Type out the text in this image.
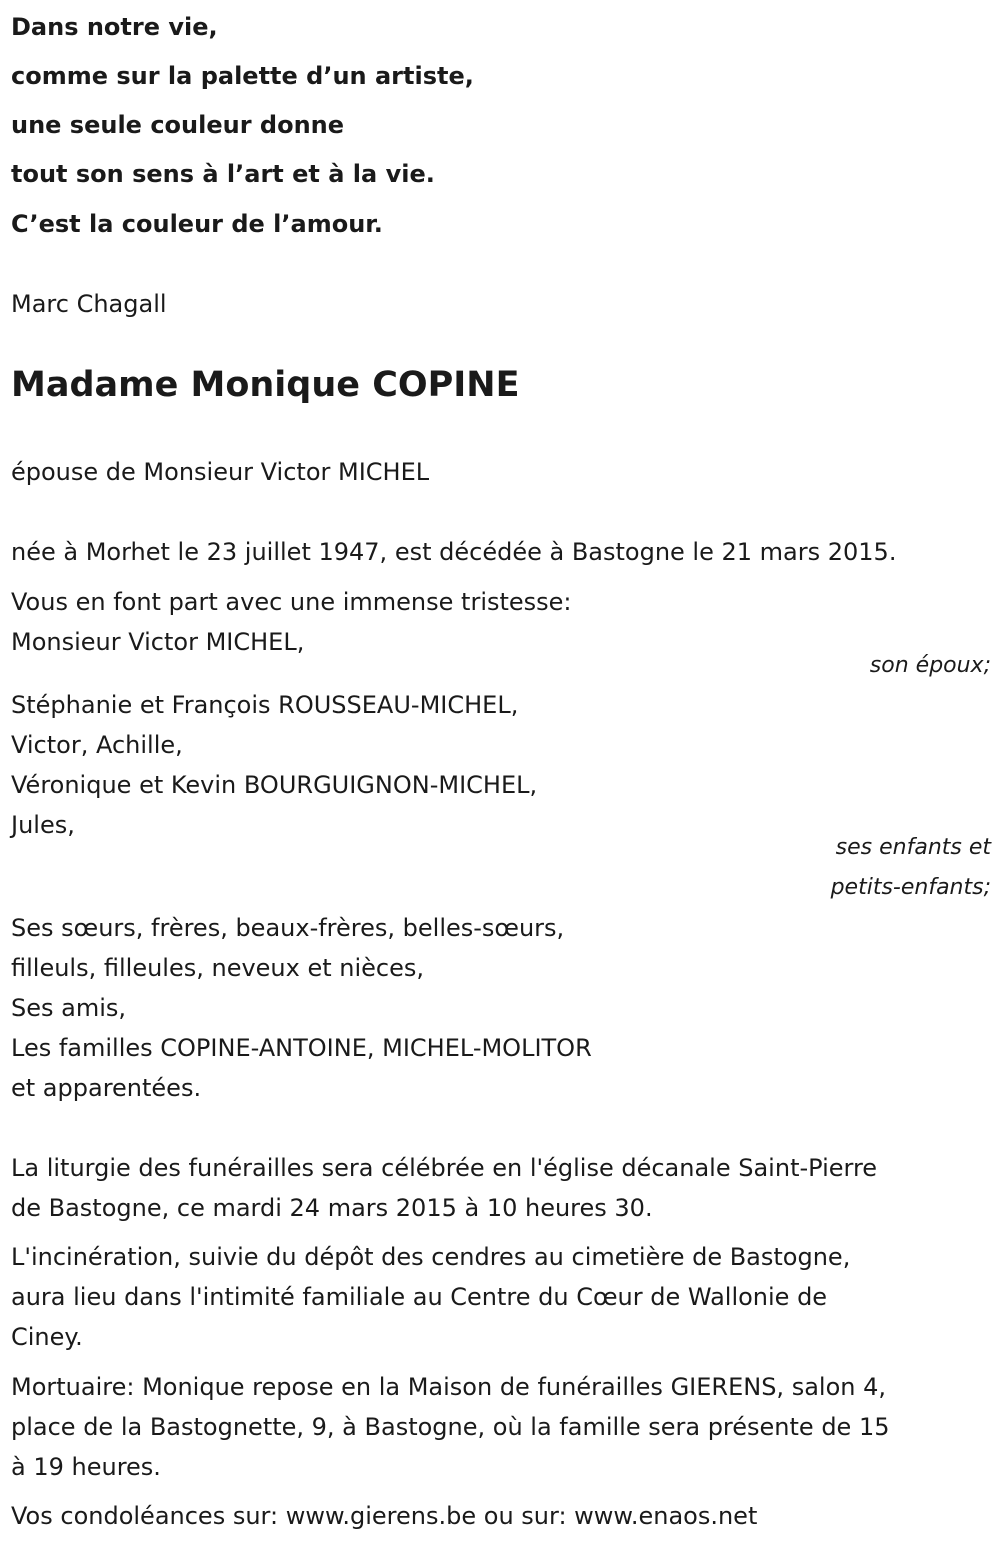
Dans notre vie,
comme sur la palette d’un artiste,
une seule couleur donne
tout son sens à l’art et à la vie.
C’est la couleur de l’amour.
Marc Chagall
Madame Monique COPINE
épouse de Monsieur Victor MICHEL
née à Morhet le 23 juillet 1947, est décédée à Bastogne le 21 mars 2015.
Vous en font part avec une immense tristesse:
Monsieur Victor MICHEL,
son époux;
Stéphanie et François ROUSSEAU-MICHEL,
Victor, Achille,
Véronique et Kevin BOURGUIGNON-MICHEL,
Jules,
ses enfants et
petits-enfants;
Ses sœurs, frères, beaux-frères, belles-sœurs,
filleuls, filleules, neveux et nièces,
Ses amis,
Les familles COPINE-ANTOINE, MICHEL-MOLITOR
et apparentées.
La liturgie des funérailles sera célébrée en l'église décanale Saint-Pierre
de Bastogne, ce mardi 24 mars 2015 à 10 heures 30.
L'incinération, suivie du dépôt des cendres au cimetière de Bastogne,
aura lieu dans l'intimité familiale au Centre du Cœur de Wallonie de
Ciney.
Mortuaire: Monique repose en la Maison de funérailles GIERENS, salon 4,
place de la Bastognette, 9, à Bastogne, où la famille sera présente de 15
à 19 heures.
Vos condoléances sur: www.gierens.be ou sur: www.enaos.net
